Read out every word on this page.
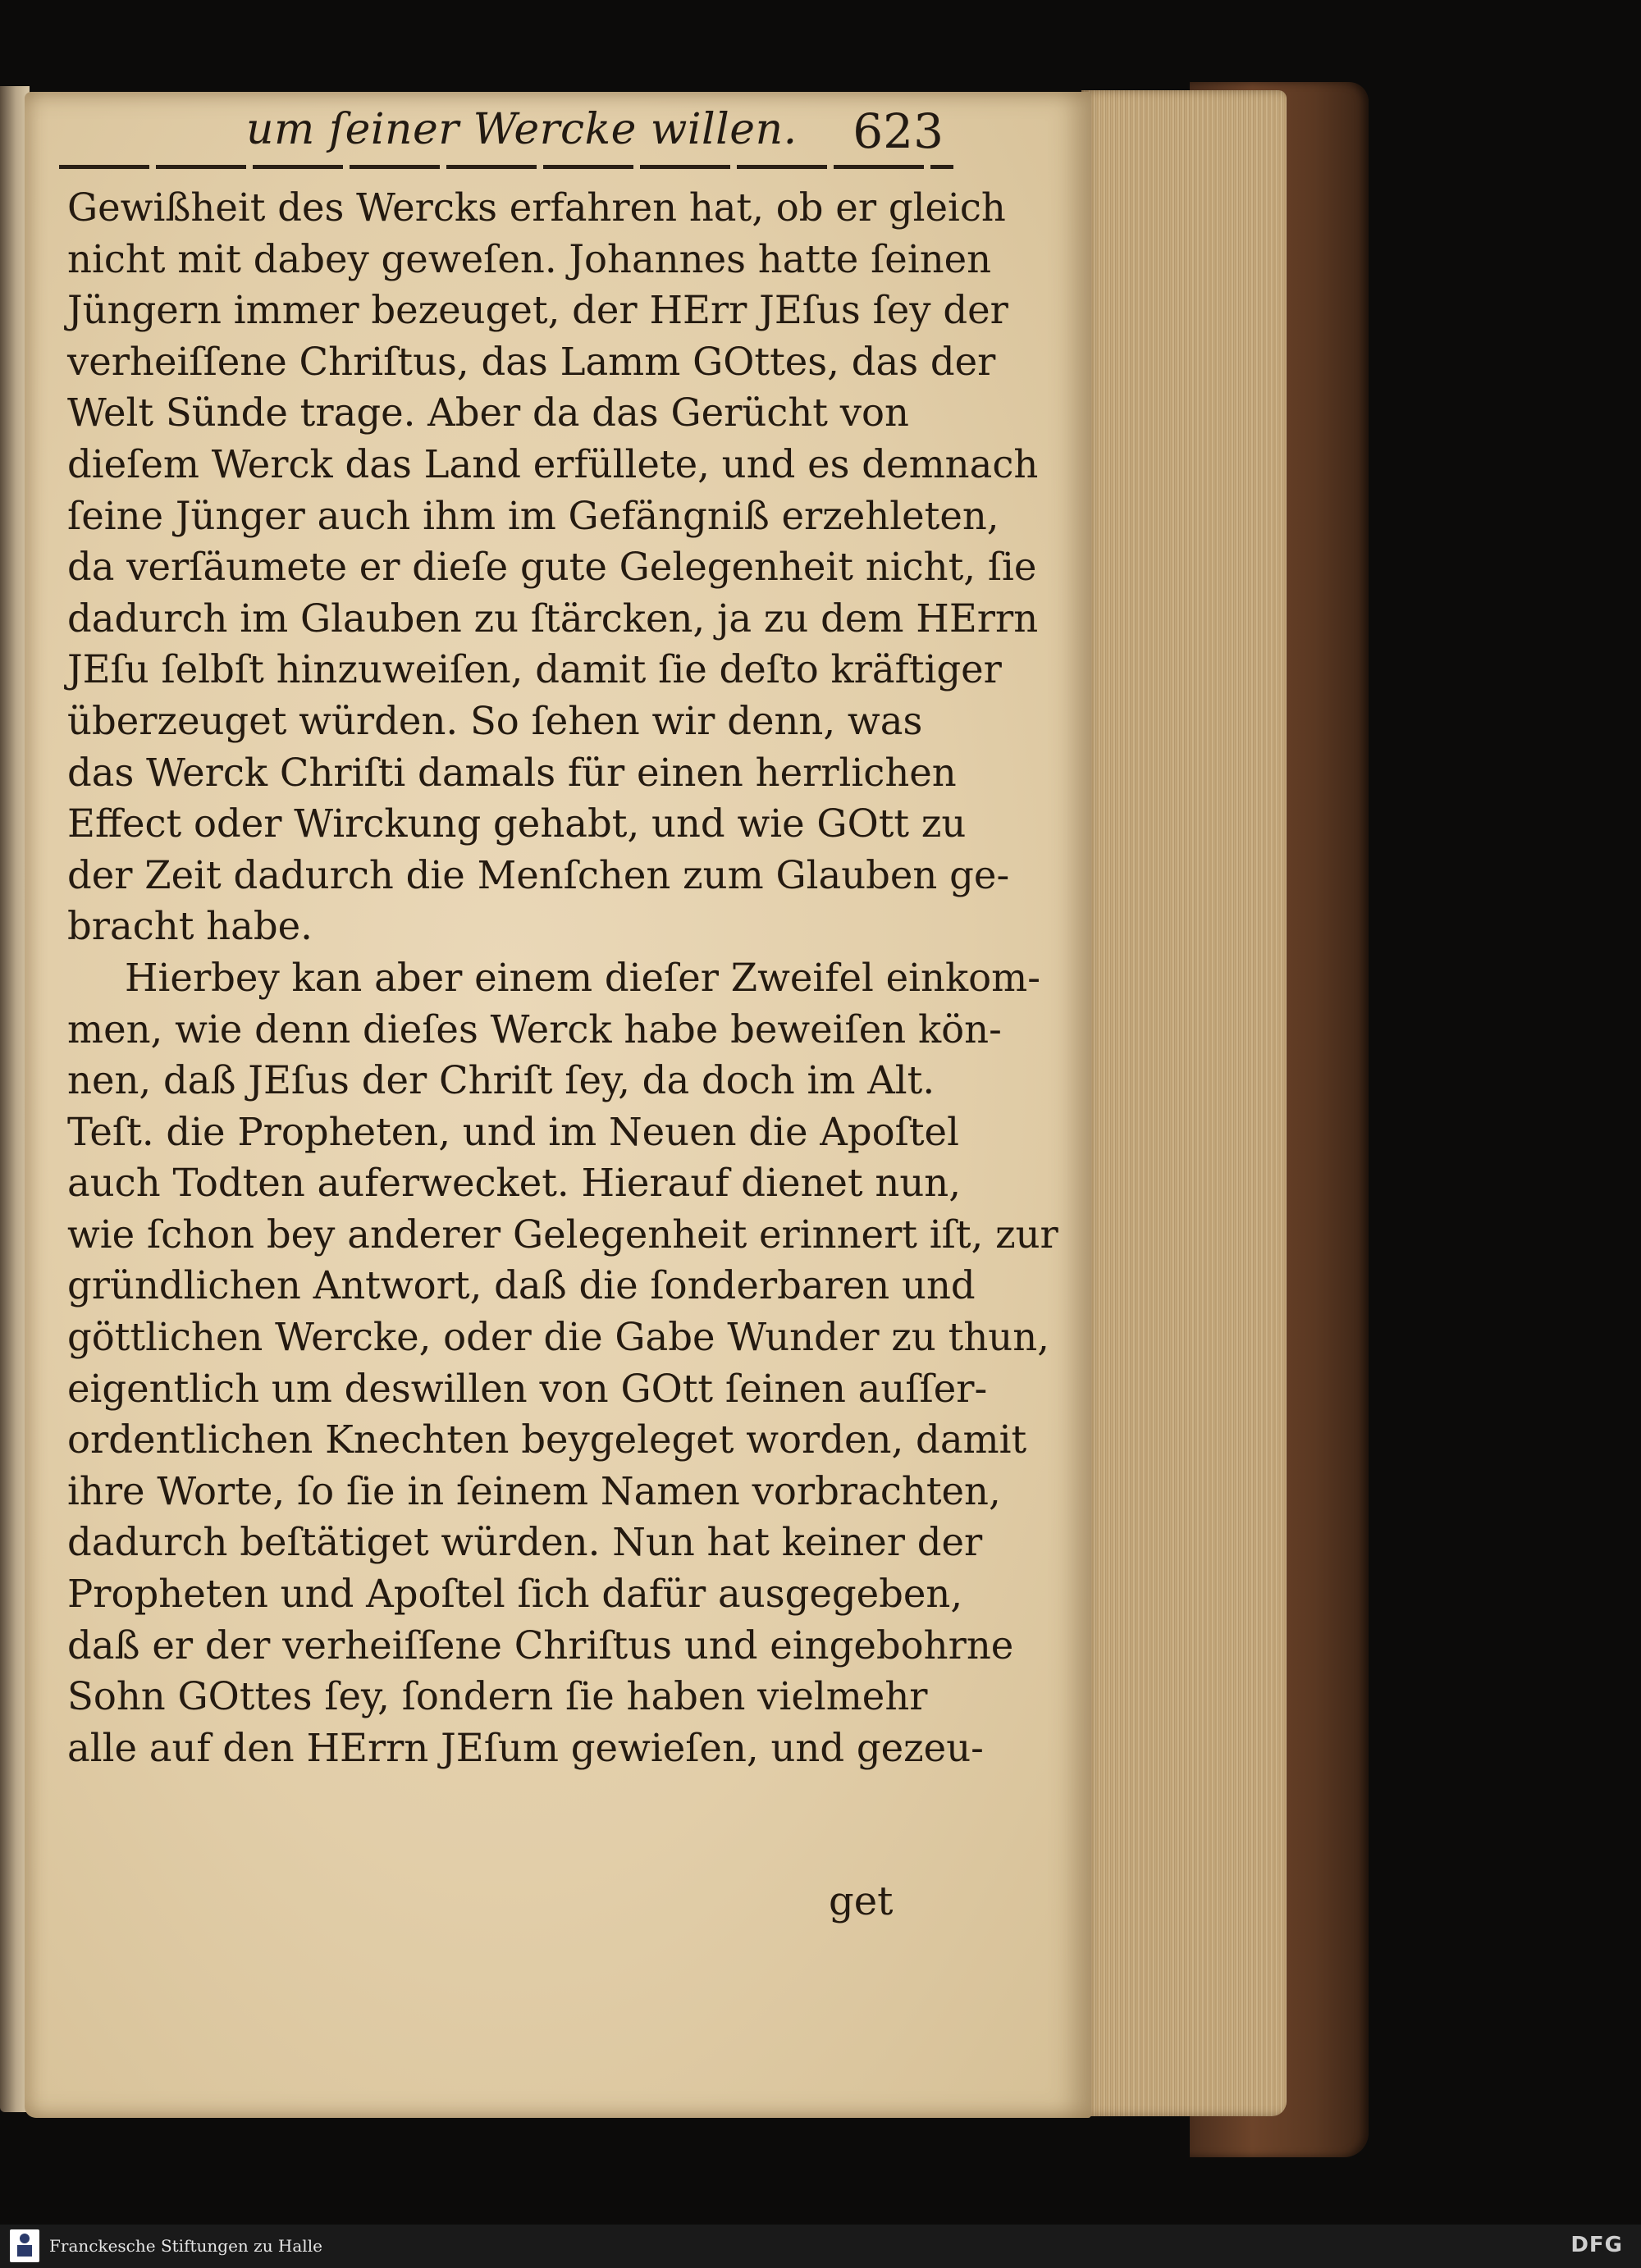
um ſeiner Wercke willen. 623
Gewißheit des Wercks erfahren hat, ob er gleich
nicht mit dabey geweſen. Johannes hatte ſeinen
Jüngern immer bezeuget, der HErr JEſus ſey der
verheiſſene Chriſtus, das Lamm GOttes, das der
Welt Sünde trage. Aber da das Gerücht von
dieſem Werck das Land erfüllete, und es demnach
ſeine Jünger auch ihm im Gefängniß erzehleten,
da verſäumete er dieſe gute Gelegenheit nicht, ſie
dadurch im Glauben zu ſtärcken, ja zu dem HErrn
JEſu ſelbſt hinzuweiſen, damit ſie deſto kräftiger
überzeuget würden. So ſehen wir denn, was
das Werck Chriſti damals für einen herrlichen
Effect oder Wirckung gehabt, und wie GOtt zu
der Zeit dadurch die Menſchen zum Glauben ge-
bracht habe.
Hierbey kan aber einem dieſer Zweifel einkom-
men, wie denn dieſes Werck habe beweiſen kön-
nen, daß JEſus der Chriſt ſey, da doch im Alt.
Teſt. die Propheten, und im Neuen die Apoſtel
auch Todten auferwecket. Hierauf dienet nun,
wie ſchon bey anderer Gelegenheit erinnert iſt, zur
gründlichen Antwort, daß die ſonderbaren und
göttlichen Wercke, oder die Gabe Wunder zu thun,
eigentlich um deswillen von GOtt ſeinen auſſer-
ordentlichen Knechten beygeleget worden, damit
ihre Worte, ſo ſie in ſeinem Namen vorbrachten,
dadurch beſtätiget würden. Nun hat keiner der
Propheten und Apoſtel ſich dafür ausgegeben,
daß er der verheiſſene Chriſtus und eingebohrne
Sohn GOttes ſey, ſondern ſie haben vielmehr
alle auf den HErrn JEſum gewieſen, und gezeu-
get
Franckesche Stiftungen zu Halle	DFG
